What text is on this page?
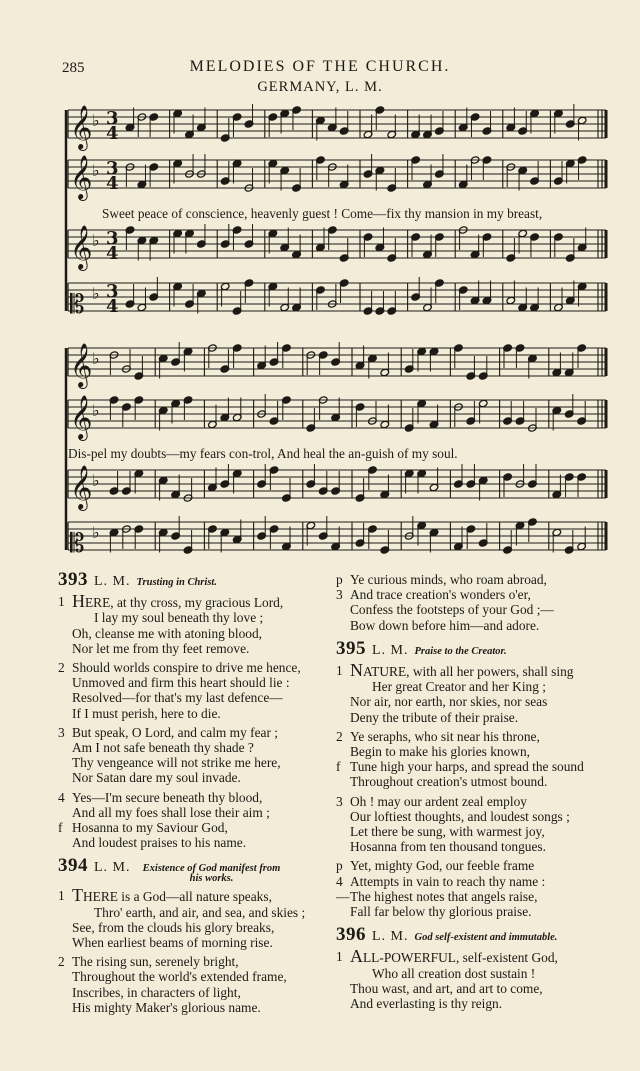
285	MELODIES OF THE CHURCH.
GERMANY, L. M.
𝄞 ♭ 3
4
𝄞 ♭ 3
4
𝄞 ♭ 3
4
𝄡 ♭ 3
4
𝄞 ♭
𝄞 ♭
𝄞 ♭
𝄡 ♭
Sweet peace of conscience, heavenly guest ! Come—fix thy mansion in my breast,
Dis-pel my doubts—my fears con-trol, And heal the an-guish of my soul.
393 L. M. Trusting in Christ.
1 HERE, at thy cross, my gracious Lord,
I lay my soul beneath thy love ;
Oh, cleanse me with atoning blood,
Nor let me from thy feet remove.
2 Should worlds conspire to drive me hence,
Unmoved and firm this heart should lie :
Resolved—for that's my last defence—
If I must perish, here to die.
3 But speak, O Lord, and calm my fear ;
Am I not safe beneath thy shade ?
Thy vengeance will not strike me here,
Nor Satan dare my soul invade.
4 Yes—I'm secure beneath thy blood,
And all my foes shall lose their aim ;
f Hosanna to my Saviour God,
And loudest praises to his name.
394 L. M.	Existence of God manifest from his works.
1 THERE is a God—all nature speaks,
Thro' earth, and air, and sea, and skies ;
See, from the clouds his glory breaks,
When earliest beams of morning rise.
2 The rising sun, serenely bright,
Throughout the world's extended frame,
Inscribes, in characters of light,
His mighty Maker's glorious name.
p 3
Ye curious minds, who roam abroad,
And trace creation's wonders o'er,
Confess the footsteps of your God ;—
Bow down before him—and adore.
395 L. M. Praise to the Creator.
1 NATURE, with all her powers, shall sing
Her great Creator and her King ;
Nor air, nor earth, nor skies, nor seas
Deny the tribute of their praise.
2 Ye seraphs, who sit near his throne,
Begin to make his glories known,
f Tune high your harps, and spread the sound
Throughout creation's utmost bound.
3 Oh ! may our ardent zeal employ
Our loftiest thoughts, and loudest songs ;
Let there be sung, with warmest joy,
Hosanna from ten thousand tongues.
p 4
Yet, mighty God, our feeble frame
Attempts in vain to reach thy name :
— The highest notes that angels raise,
Fall far below thy glorious praise.
396 L. M. God self-existent and immutable.
1 ALL-POWERFUL, self-existent God,
Who all creation dost sustain !
Thou wast, and art, and art to come,
And everlasting is thy reign.
